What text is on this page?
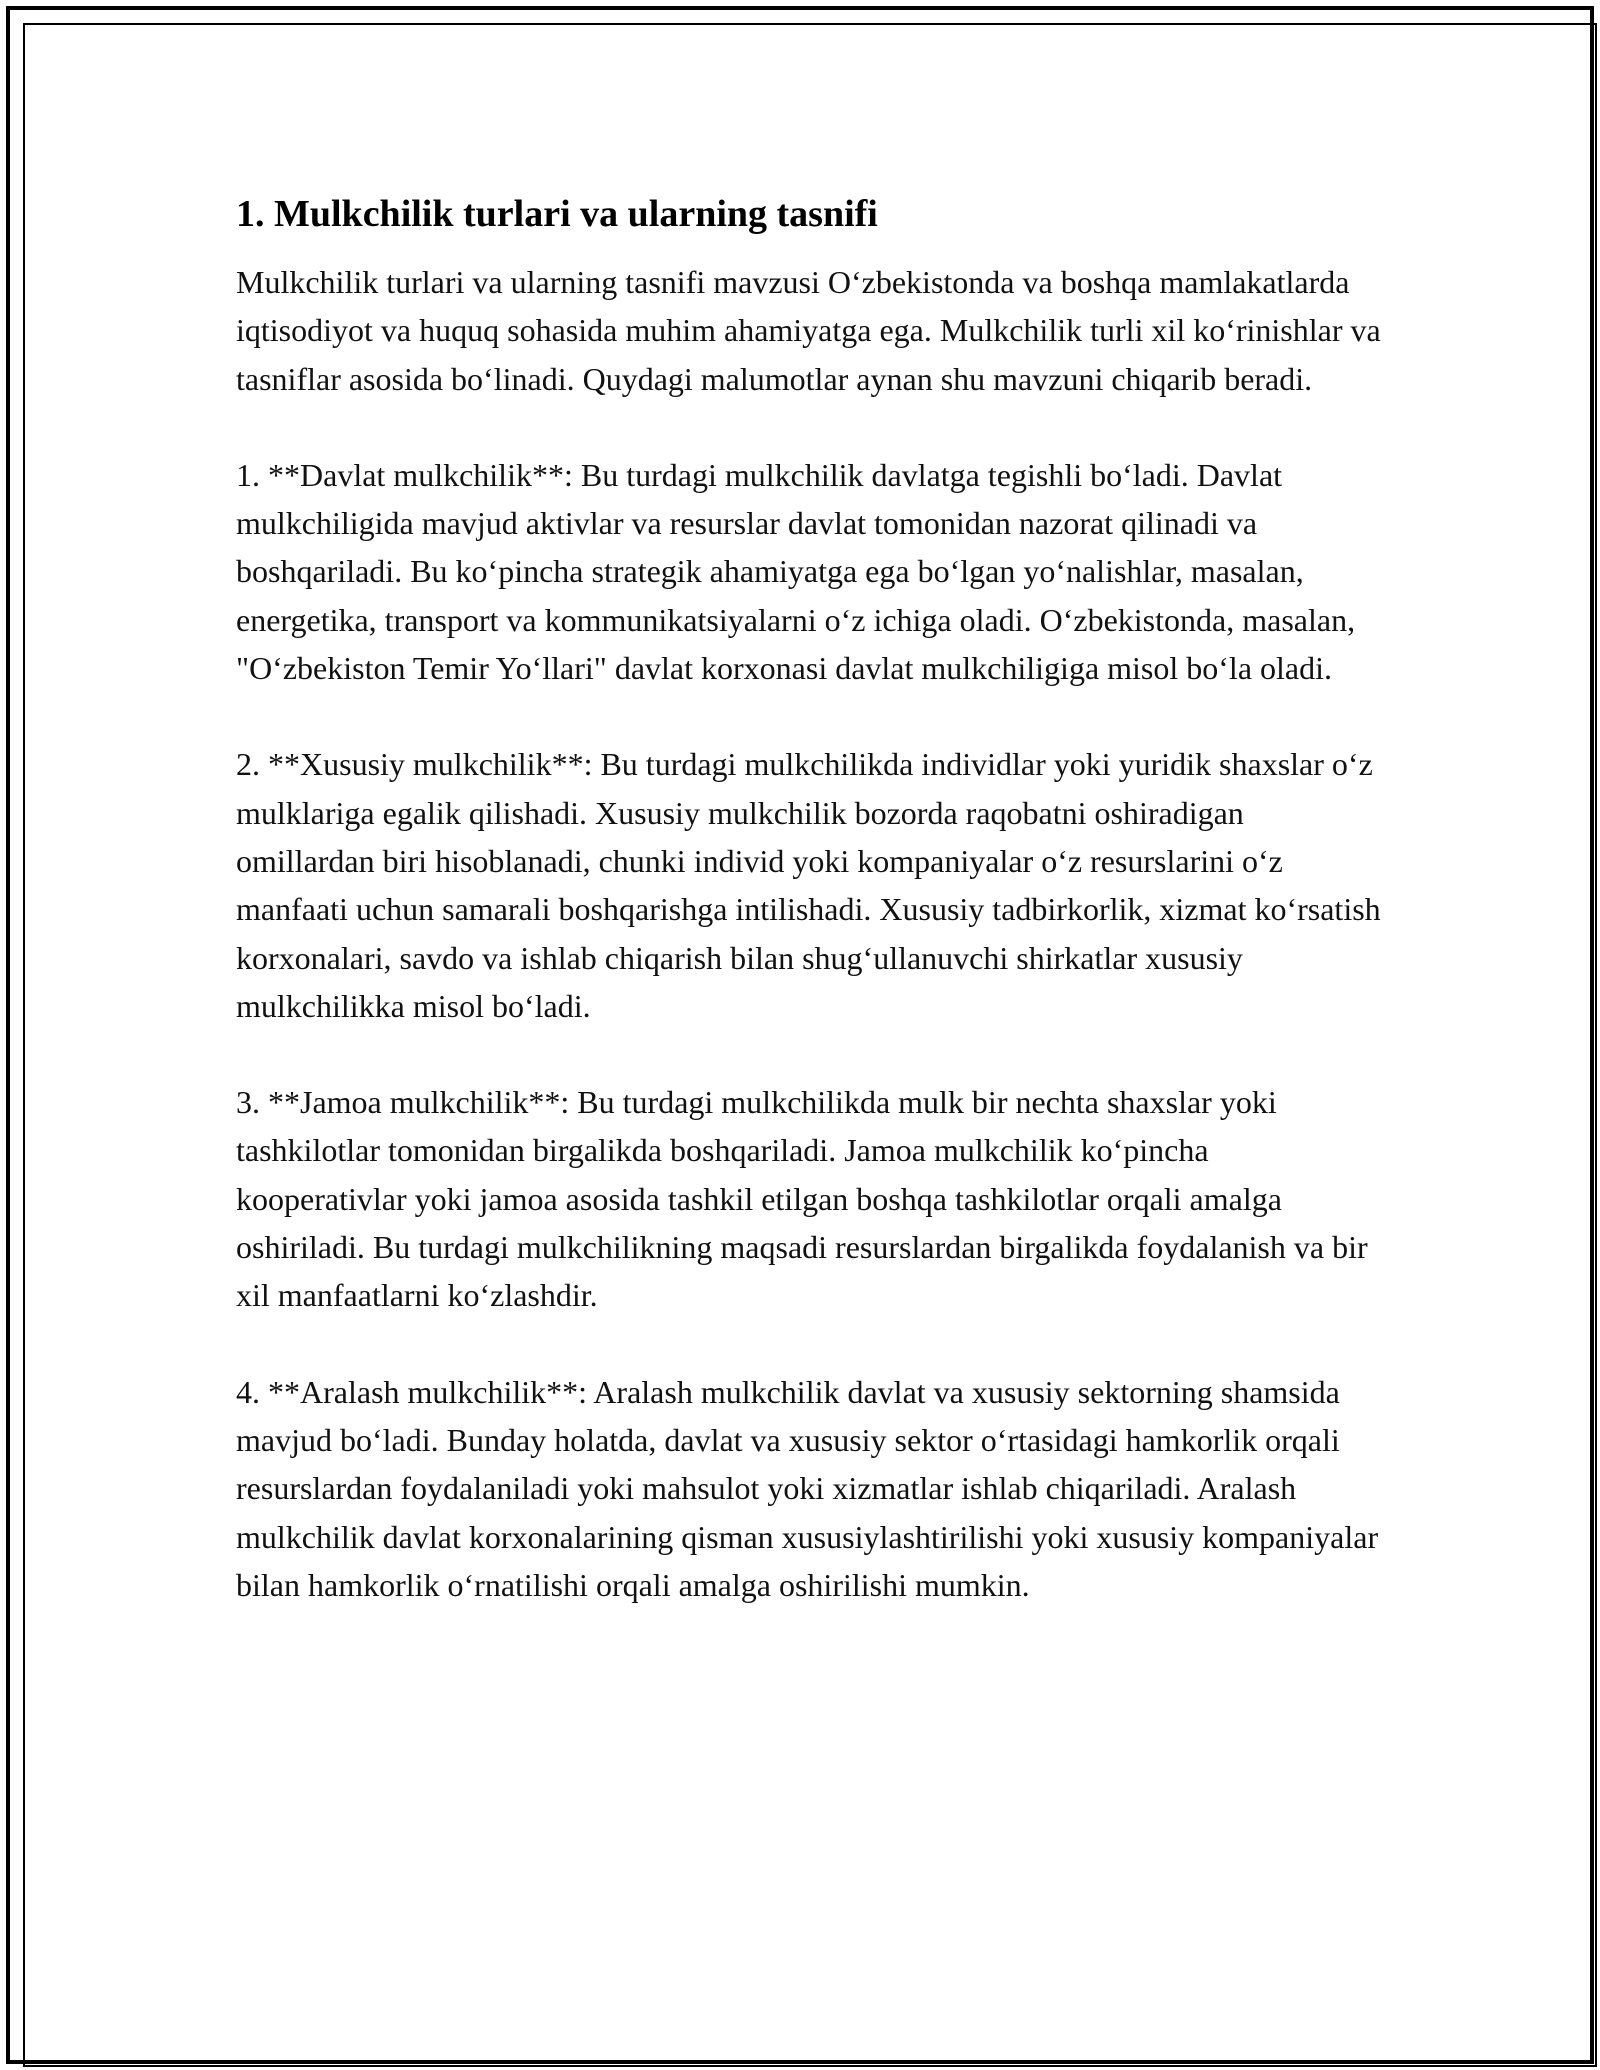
1. Mulkchilik turlari va ularning tasnifi

Mulkchilik turlari va ularning tasnifi mavzusi O‘zbekistonda va boshqa mamlakatlarda iqtisodiyot va huquq sohasida muhim ahamiyatga ega. Mulkchilik turli xil ko‘rinishlar va tasniflar asosida bo‘linadi. Quydagi malumotlar aynan shu mavzuni chiqarib beradi.

1. **Davlat mulkchilik**: Bu turdagi mulkchilik davlatga tegishli bo‘ladi. Davlat mulkchiligida mavjud aktivlar va resurslar davlat tomonidan nazorat qilinadi va boshqariladi. Bu ko‘pincha strategik ahamiyatga ega bo‘lgan yo‘nalishlar, masalan, energetika, transport va kommunikatsiyalarni o‘z ichiga oladi. O‘zbekistonda, masalan, "O‘zbekiston Temir Yo‘llari" davlat korxonasi davlat mulkchiligiga misol bo‘la oladi.

2. **Xususiy mulkchilik**: Bu turdagi mulkchilikda individlar yoki yuridik shaxslar o‘z mulklariga egalik qilishadi. Xususiy mulkchilik bozorda raqobatni oshiradigan omillardan biri hisoblanadi, chunki individ yoki kompaniyalar o‘z resurslarini o‘z manfaati uchun samarali boshqarishga intilishadi. Xususiy tadbirkorlik, xizmat ko‘rsatish korxonalari, savdo va ishlab chiqarish bilan shug‘ullanuvchi shirkatlar xususiy mulkchilikka misol bo‘ladi.

3. **Jamoa mulkchilik**: Bu turdagi mulkchilikda mulk bir nechta shaxslar yoki tashkilotlar tomonidan birgalikda boshqariladi. Jamoa mulkchilik ko‘pincha kooperativlar yoki jamoa asosida tashkil etilgan boshqa tashkilotlar orqali amalga oshiriladi. Bu turdagi mulkchilikning maqsadi resurslardan birgalikda foydalanish va bir xil manfaatlarni ko‘zlashdir.

4. **Aralash mulkchilik**: Aralash mulkchilik davlat va xususiy sektorning shamsida mavjud bo‘ladi. Bunday holatda, davlat va xususiy sektor o‘rtasidagi hamkorlik orqali resurslardan foydalaniladi yoki mahsulot yoki xizmatlar ishlab chiqariladi. Aralash mulkchilik davlat korxonalarining qisman xususiylashtirilishi yoki xususiy kompaniyalar bilan hamkorlik o‘rnatilishi orqali amalga oshirilishi mumkin.
